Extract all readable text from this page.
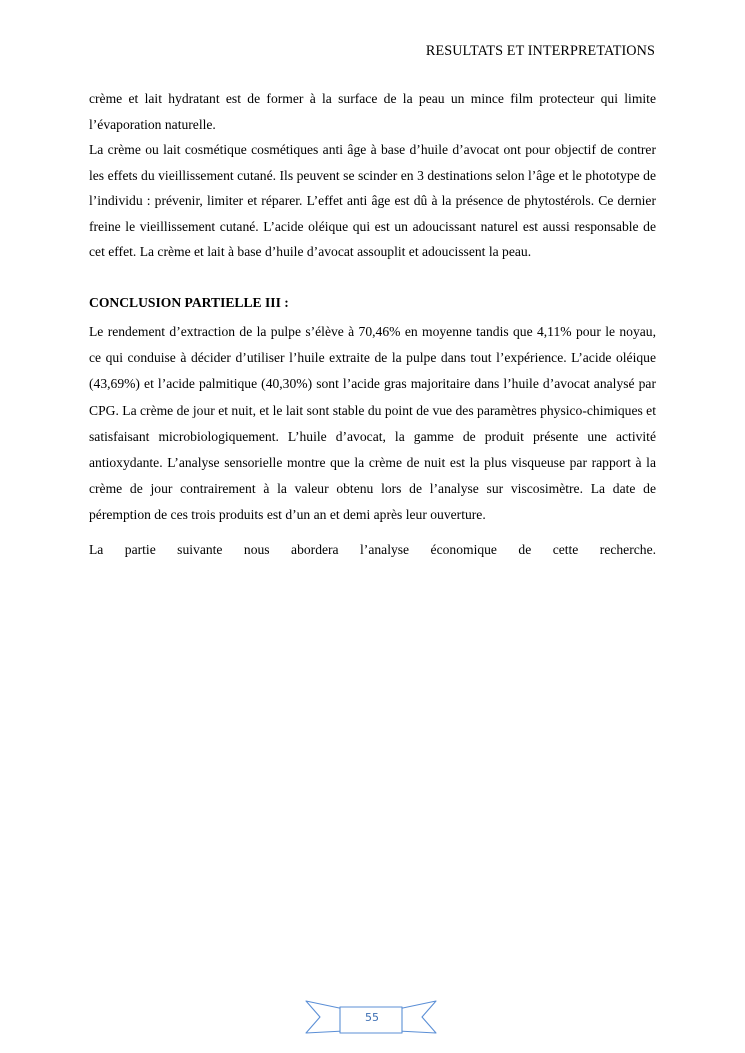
RESULTATS ET INTERPRETATIONS

crème et lait hydratant est de former à la surface de la peau un mince film protecteur qui limite l’évaporation naturelle.

La crème ou lait cosmétique cosmétiques anti âge à base d’huile d’avocat ont pour objectif de contrer les effets du vieillissement cutané. Ils peuvent se scinder en 3 destinations selon l’âge et le phototype de l’individu : prévenir, limiter et réparer. L’effet anti âge est dû à la présence de phytostérols. Ce dernier freine le vieillissement cutané. L’acide oléique qui est un adoucissant naturel est aussi responsable de cet effet. La crème et lait à base d’huile d’avocat assouplit et adoucissent la peau.

CONCLUSION PARTIELLE III :

Le rendement d’extraction de la pulpe s’élève à 70,46% en moyenne tandis que 4,11% pour le noyau, ce qui conduise à décider d’utiliser l’huile extraite de la pulpe dans tout l’expérience. L’acide oléique (43,69%) et l’acide palmitique (40,30%) sont l’acide gras majoritaire dans l’huile d’avocat analysé par CPG. La crème de jour et nuit, et le lait sont stable du point de vue des paramètres physico-chimiques et satisfaisant microbiologiquement. L’huile d’avocat, la gamme de produit présente une activité antioxydante. L’analyse sensorielle montre que la crème de nuit est la plus visqueuse par rapport à la crème de jour contrairement à la valeur obtenu lors de l’analyse sur viscosimètre. La date de péremption de ces trois produits est d’un an et demi après leur ouverture.

La partie suivante nous abordera l’analyse économique de cette recherche.

55
